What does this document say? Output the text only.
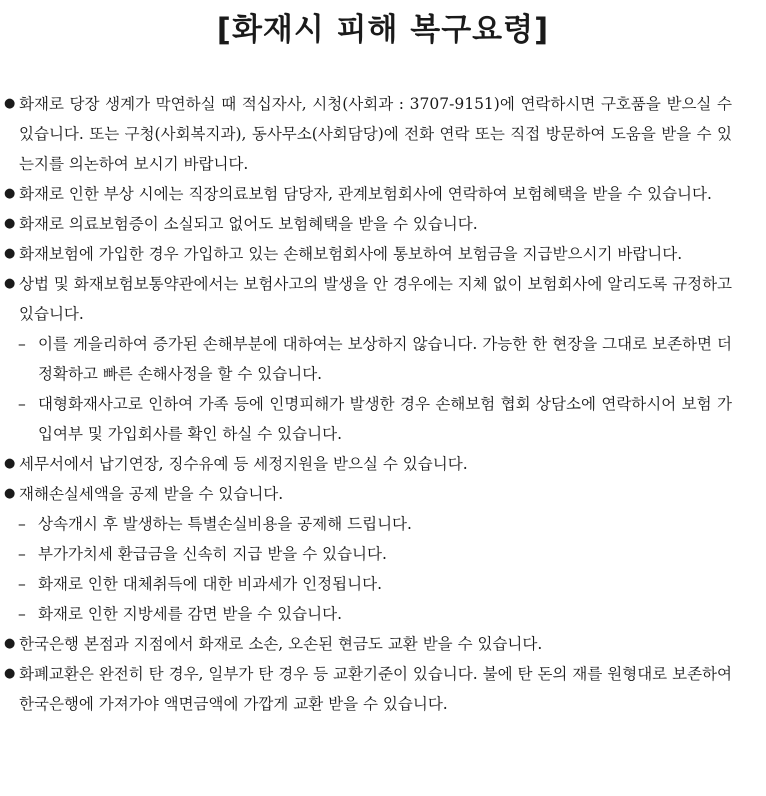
[화재시 피해 복구요령]
● 화재로 당장 생계가 막연하실 때 적십자사, 시청(사회과 : 3707-9151)에 연락하시면 구호품을 받으실 수 있습니다. 또는 구청(사회복지과), 동사무소(사회담당)에 전화 연락 또는 직접 방문하여 도움을 받을 수 있는지를 의논하여 보시기 바랍니다.
● 화재로 인한 부상 시에는 직장의료보험 담당자, 관계보험회사에 연락하여 보험혜택을 받을 수 있습니다.
● 화재로 의료보험증이 소실되고 없어도 보험혜택을 받을 수 있습니다.
● 화재보험에 가입한 경우 가입하고 있는 손해보험회사에 통보하여 보험금을 지급받으시기 바랍니다.
● 상법 및 화재보험보통약관에서는 보험사고의 발생을 안 경우에는 지체 없이 보험회사에 알리도록 규정하고 있습니다.
– 이를 게을리하여 증가된 손해부분에 대하여는 보상하지 않습니다. 가능한 한 현장을 그대로 보존하면 더 정확하고 빠른 손해사정을 할 수 있습니다.
– 대형화재사고로 인하여 가족 등에 인명피해가 발생한 경우 손해보험 협회 상담소에 연락하시어 보험 가입여부 및 가입회사를 확인 하실 수 있습니다.
● 세무서에서 납기연장, 징수유예 등 세정지원을 받으실 수 있습니다.
● 재해손실세액을 공제 받을 수 있습니다.
– 상속개시 후 발생하는 특별손실비용을 공제해 드립니다.
– 부가가치세 환급금을 신속히 지급 받을 수 있습니다.
– 화재로 인한 대체취득에 대한 비과세가 인정됩니다.
– 화재로 인한 지방세를 감면 받을 수 있습니다.
● 한국은행 본점과 지점에서 화재로 소손, 오손된 현금도 교환 받을 수 있습니다.
● 화폐교환은 완전히 탄 경우, 일부가 탄 경우 등 교환기준이 있습니다. 불에 탄 돈의 재를 원형대로 보존하여 한국은행에 가져가야 액면금액에 가깝게 교환 받을 수 있습니다.
